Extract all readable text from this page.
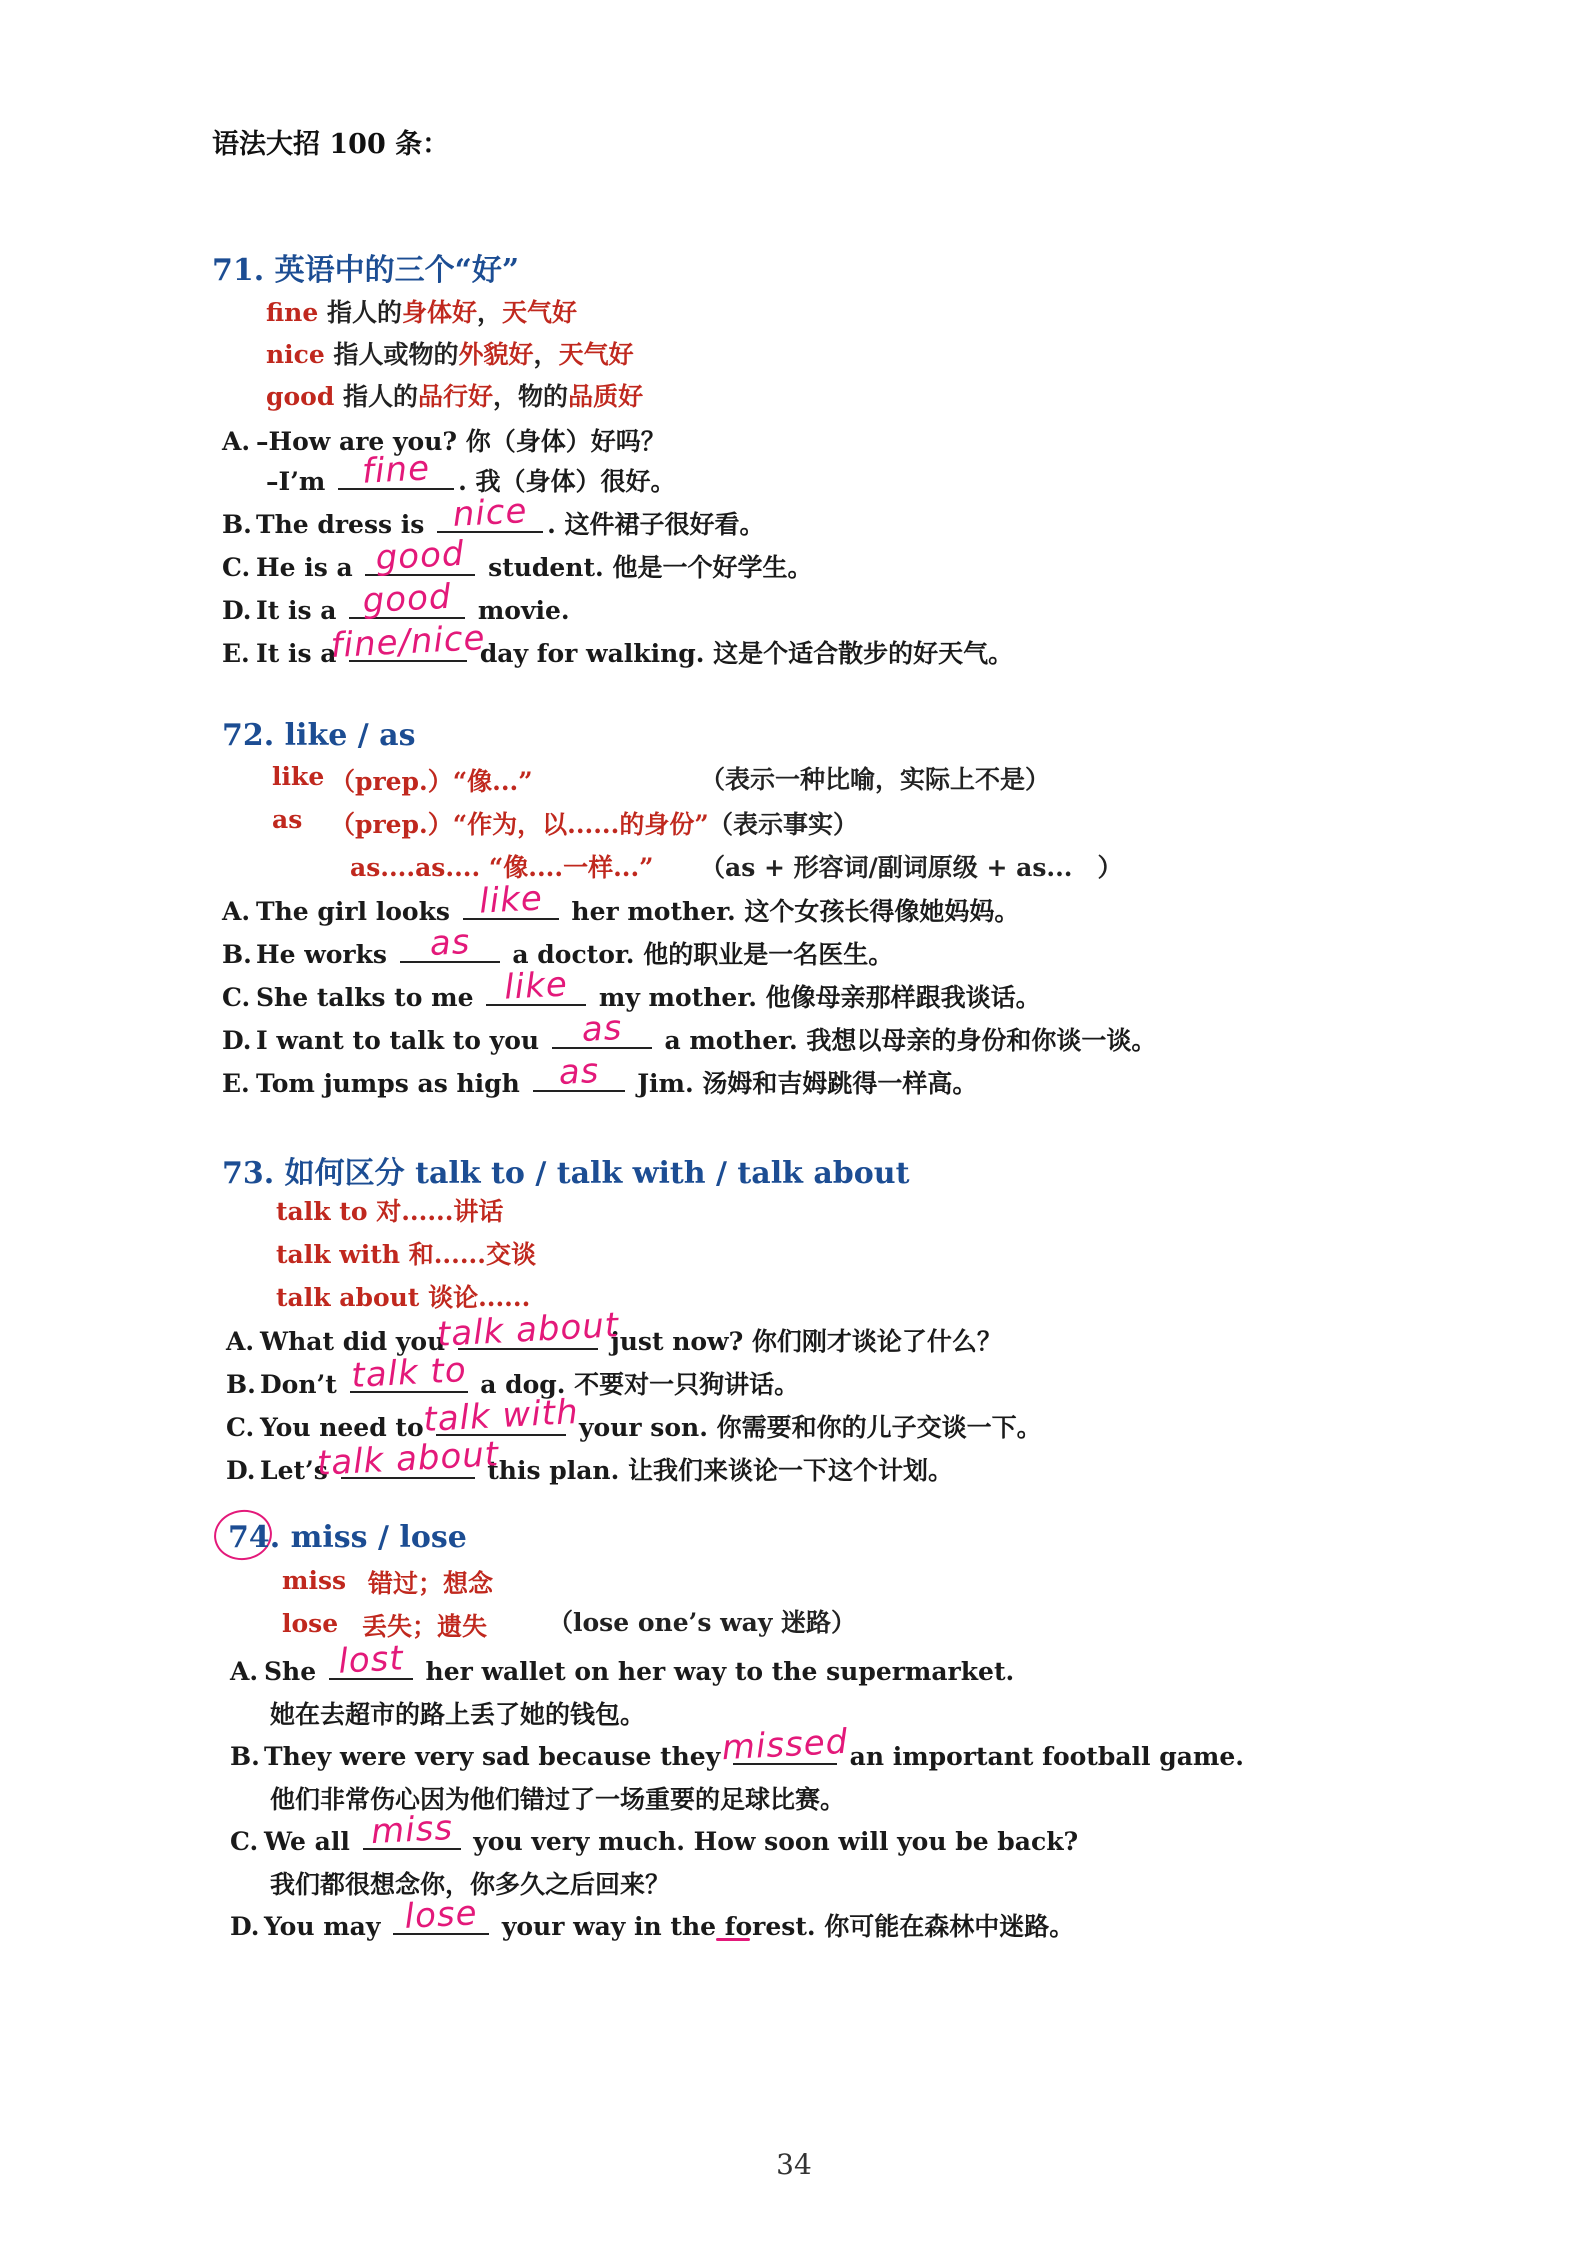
语法大招 100 条：
71. 英语中的三个“好”
fine 指人的身体好，天气好
nice 指人或物的外貌好，天气好
good 指人的品行好，物的品质好
A. –How are you? 你（身体）好吗？
–I’m fine . 我（身体）很好。
B. The dress is nice . 这件裙子很好看。
C. He is a good student. 他是一个好学生。
D. It is a good movie.
E. It is a
fine/nice
day for walking. 这是个适合散步的好天气。
72. like / as
like （prep.）“像...”	（表示一种比喻，实际上不是）
as （prep.）“作为，以......的身份” （表示事实）
as....as.... “像....一样...” （as + 形容词/副词原级 + as...　）
A. The girl looks like her mother. 这个女孩长得像她妈妈。
B. He works as a doctor. 他的职业是一名医生。
C. She talks to me like my mother. 他像母亲那样跟我谈话。
D. I want to talk to you as a mother. 我想以母亲的身份和你谈一谈。
E. Tom jumps as high as Jim. 汤姆和吉姆跳得一样高。
73. 如何区分 talk to / talk with / talk about
talk to 对......讲话
talk with 和......交谈
talk about 谈论......
A. What did you
talk about
just now? 你们刚才谈论了什么？
B. Don’t talk to a dog. 不要对一只狗讲话。
C. You need to
talk with
your son. 你需要和你的儿子交谈一下。
D. Let’s
talk about
this plan. 让我们来谈论一下这个计划。
74. miss / lose
miss 错过；想念
lose 丢失；遗失 （lose one’s way 迷路）
A. She lost her wallet on her way to the supermarket.
她在去超市的路上丢了她的钱包。
B. They were very sad because they
missed
an important football game.
他们非常伤心因为他们错过了一场重要的足球比赛。
C. We all miss you very much. How soon will you be back?
我们都很想念你，你多久之后回来？
D. You may lose your way in the forest. 你可能在森林中迷路。
34
